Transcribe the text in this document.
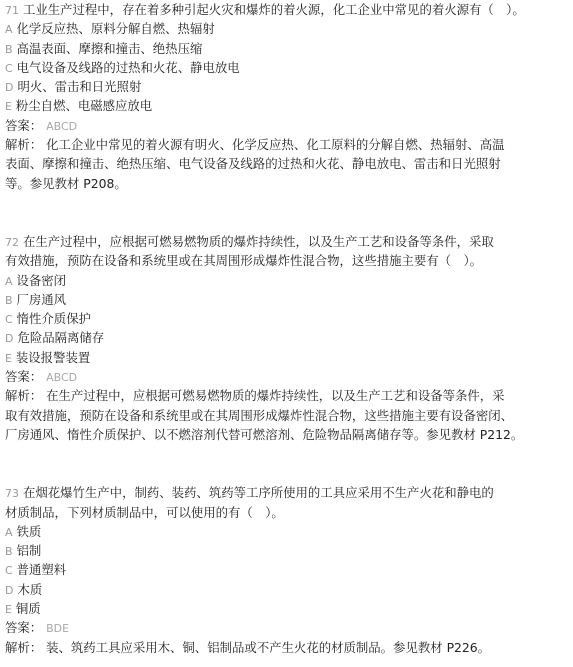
71 工业生产过程中，存在着多种引起火灾和爆炸的着火源，化工企业中常见的着火源有（　）。
A 化学反应热、原料分解自燃、热辐射
B 高温表面、摩擦和撞击、绝热压缩
C 电气设备及线路的过热和火花、静电放电
D 明火、雷击和日光照射
E 粉尘自燃、电磁感应放电
答案： ABCD
解析： 化工企业中常见的着火源有明火、化学反应热、化工原料的分解自燃、热辐射、高温
表面、摩擦和撞击、绝热压缩、电气设备及线路的过热和火花、静电放电、雷击和日光照射
等。参见教材 P208。
72 在生产过程中，应根据可燃易燃物质的爆炸持续性，以及生产工艺和设备等条件，采取
有效措施，预防在设备和系统里或在其周围形成爆炸性混合物，这些措施主要有（　）。
A 设备密闭
B 厂房通风
C 惰性介质保护
D 危险品隔离储存
E 装设报警装置
答案： ABCD
解析： 在生产过程中，应根据可燃易燃物质的爆炸持续性，以及生产工艺和设备等条件，采
取有效措施，预防在设备和系统里或在其周围形成爆炸性混合物，这些措施主要有设备密闭、
厂房通风、惰性介质保护、以不燃溶剂代替可燃溶剂、危险物品隔离储存等。参见教材 P212。
73 在烟花爆竹生产中，制药、装药、筑药等工序所使用的工具应采用不生产火花和静电的
材质制品，下列材质制品中，可以使用的有（　）。
A 铁质
B 铝制
C 普通塑料
D 木质
E 铜质
答案： BDE
解析： 装、筑药工具应采用木、铜、铝制品或不产生火花的材质制品。参见教材 P226。
